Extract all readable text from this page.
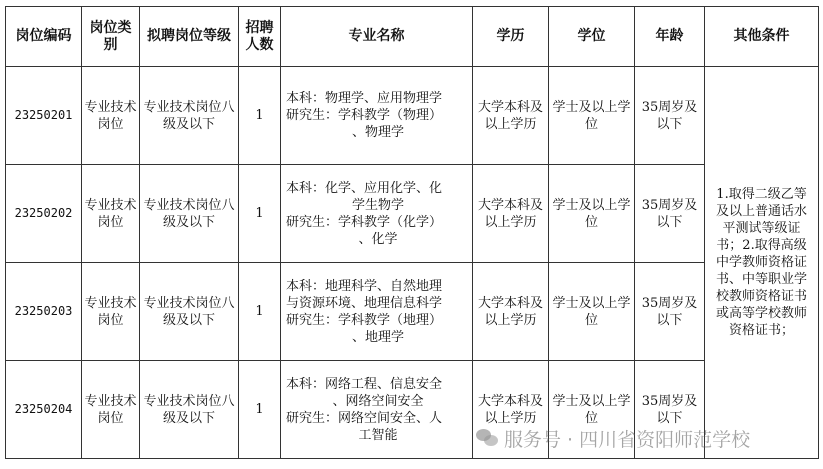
岗位编码	岗位类别	拟聘岗位等级	招聘人数	专业名称	学历	学位	年龄	其他条件
23250201	专业技术岗位	专业技术岗位八级及以下	1	本科：物理学、应用物理学
研究生：学科教学（物理）
、物理学	大学本科及以上学历	学士及以上学位	35周岁及以下	1.取得二级乙等及以上普通话水平测试等级证书；2.取得高级中学教师资格证书、中等职业学校教师资格证书或高等学校教师资格证书；
23250202	专业技术岗位	专业技术岗位八级及以下	1	本科：化学、应用化学、化
学生物学
研究生：学科教学（化学）
、化学	大学本科及以上学历	学士及以上学位	35周岁及以下	
23250203	专业技术岗位	专业技术岗位八级及以下	1	本科：地理科学、自然地理
与资源环境、地理信息科学
研究生：学科教学（地理）
、地理学	大学本科及以上学历	学士及以上学位	35周岁及以下	
23250204	专业技术岗位	专业技术岗位八级及以下	1	本科：网络工程、信息安全
、网络空间安全
研究生：网络空间安全、人
工智能	大学本科及以上学历	学士及以上学位	35周岁及以下	
服务号 · 四川省资阳师范学校
